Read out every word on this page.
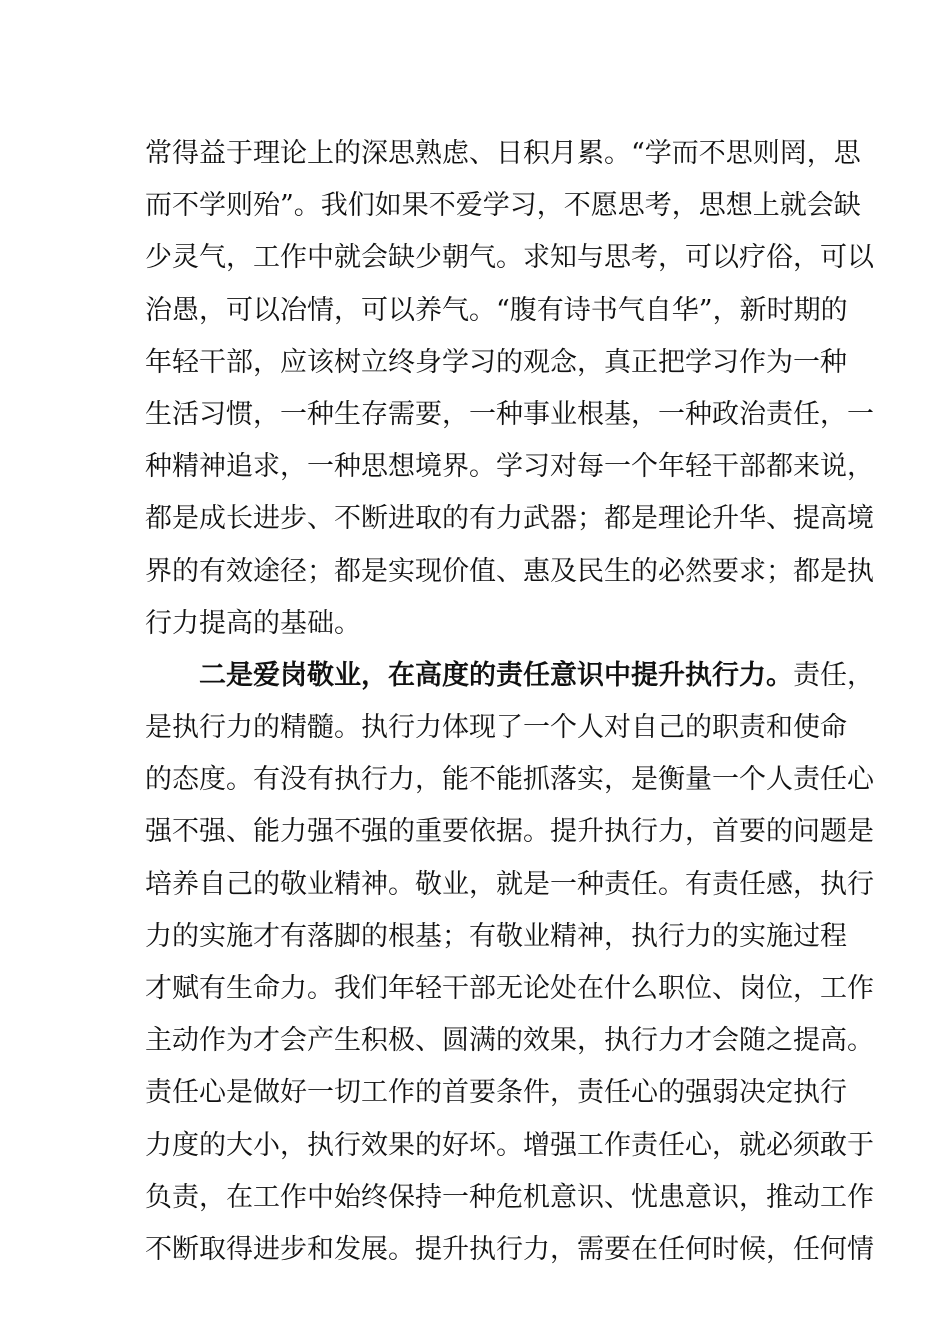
常得益于理论上的深思熟虑、日积月累。“学而不思则罔，思
而不学则殆”。我们如果不爱学习，不愿思考，思想上就会缺
少灵气，工作中就会缺少朝气。求知与思考，可以疗俗，可以
治愚，可以冶情，可以养气。“腹有诗书气自华”，新时期的
年轻干部，应该树立终身学习的观念，真正把学习作为一种
生活习惯，一种生存需要，一种事业根基，一种政治责任，一
种精神追求，一种思想境界。学习对每一个年轻干部都来说，
都是成长进步、不断进取的有力武器；都是理论升华、提高境
界的有效途径；都是实现价值、惠及民生的必然要求；都是执
行力提高的基础。
二是爱岗敬业，在高度的责任意识中提升执行力。责任，
是执行力的精髓。执行力体现了一个人对自己的职责和使命
的态度。有没有执行力，能不能抓落实，是衡量一个人责任心
强不强、能力强不强的重要依据。提升执行力，首要的问题是
培养自己的敬业精神。敬业，就是一种责任。有责任感，执行
力的实施才有落脚的根基；有敬业精神，执行力的实施过程
才赋有生命力。我们年轻干部无论处在什么职位、岗位，工作
主动作为才会产生积极、圆满的效果，执行力才会随之提高。
责任心是做好一切工作的首要条件，责任心的强弱决定执行
力度的大小，执行效果的好坏。增强工作责任心，就必须敢于
负责，在工作中始终保持一种危机意识、忧患意识，推动工作
不断取得进步和发展。提升执行力，需要在任何时候，任何情
